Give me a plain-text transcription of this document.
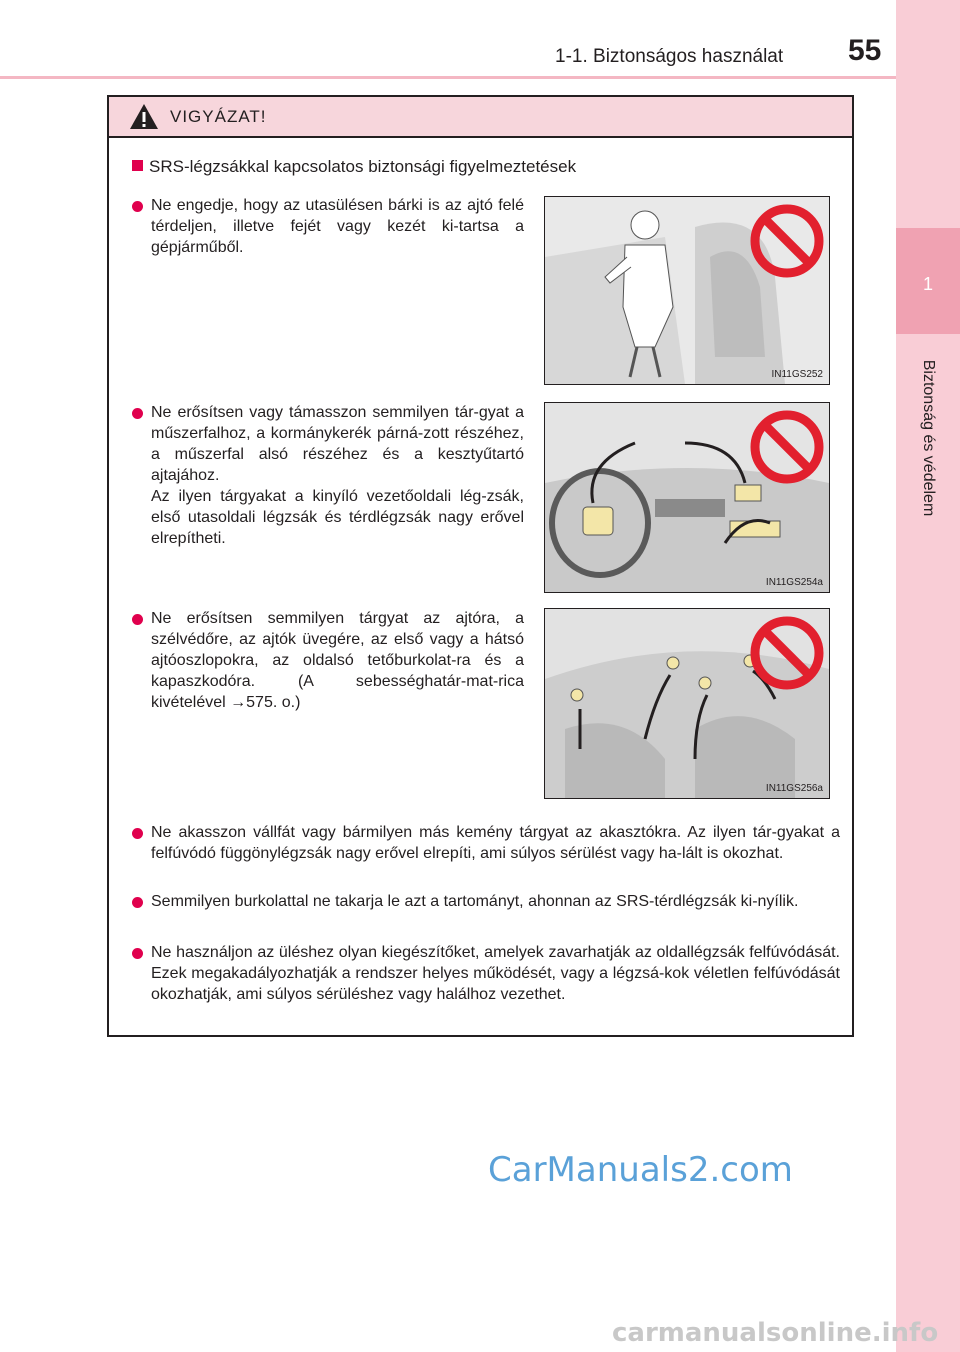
1
Biztonság és védelem
1-1. Biztonságos használat 55
VIGYÁZAT!
SRS-légzsákkal kapcsolatos biztonsági figyelmeztetések
Ne engedje, hogy az utasülésen bárki is az ajtó felé térdeljen, illetve fejét vagy kezét ki-tartsa a gépjárműből.
IN11GS252
Ne erősítsen vagy támasszon semmilyen tár-gyat a műszerfalhoz, a kormánykerék párná-zott részéhez, a műszerfal alsó részéhez és a kesztyűtartó ajtajához.
Az ilyen tárgyakat a kinyíló vezetőoldali lég-zsák, első utasoldali légzsák és térdlégzsák nagy erővel elrepítheti.
IN11GS254a
Ne erősítsen semmilyen tárgyat az ajtóra, a szélvédőre, az ajtók üvegére, az első vagy a hátsó ajtóoszlopokra, az oldalsó tetőburkolat-ra és a kapaszkodóra. (A sebességhatár-mat-rica kivételével →575. o.)
IN11GS256a
Ne akasszon vállfát vagy bármilyen más kemény tárgyat az akasztókra. Az ilyen tár-gyakat a felfúvódó függönylégzsák nagy erővel elrepíti, ami súlyos sérülést vagy ha-lált is okozhat.
Semmilyen burkolattal ne takarja le azt a tartományt, ahonnan az SRS-térdlégzsák ki-nyílik.
Ne használjon az üléshez olyan kiegészítőket, amelyek zavarhatják az oldallégzsák felfúvódását. Ezek megakadályozhatják a rendszer helyes működését, vagy a légzsá-kok véletlen felfúvódását okozhatják, ami súlyos sérüléshez vagy halálhoz vezethet.
CarManuals2.com
carmanualsonline.info
